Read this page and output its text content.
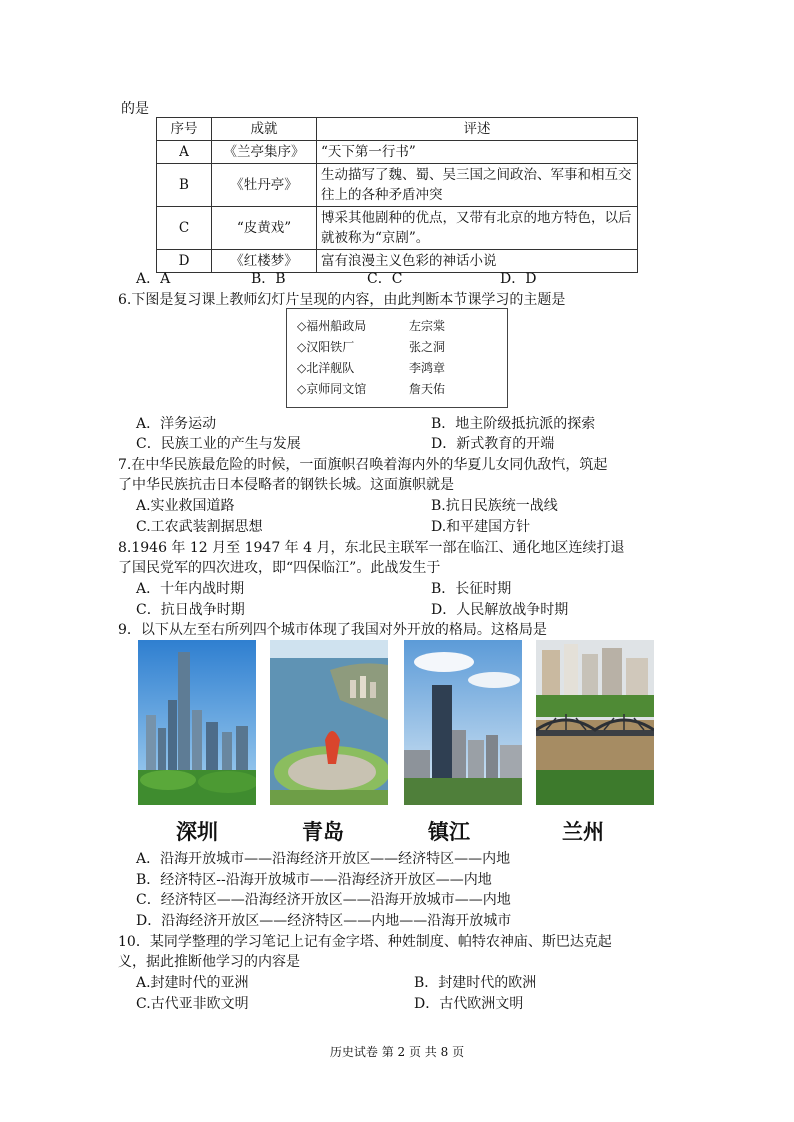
的是
序号	成就	评述
A	《兰亭集序》	“天下第一行书”
B	《牡丹亭》	生动描写了魏、蜀、吴三国之间政治、军事和相互交往上的各种矛盾冲突
C	“皮黄戏”	博采其他剧种的优点，又带有北京的地方特色，以后就被称为“京剧”。
D	《红楼梦》	富有浪漫主义色彩的神话小说
A．A	B．B	C．C	D．D
6.下图是复习课上教师幻灯片呈现的内容，由此判断本节课学习的主题是
◇福州船政局	左宗棠
◇汉阳铁厂	张之洞
◇北洋舰队	李鸿章
◇京师同文馆	詹天佑
A．洋务运动	B．地主阶级抵抗派的探索
C．民族工业的产生与发展	D．新式教育的开端
7.在中华民族最危险的时候，一面旗帜召唤着海内外的华夏儿女同仇敌忾，筑起
了中华民族抗击日本侵略者的钢铁长城。这面旗帜就是
A.实业救国道路	B.抗日民族统一战线
C.工农武装割据思想	D.和平建国方针
8.1946 年 12 月至 1947 年 4 月，东北民主联军一部在临江、通化地区连续打退
了国民党军的四次进攻，即“四保临江”。此战发生于
A．十年内战时期	B．长征时期
C．抗日战争时期	D．人民解放战争时期
9．以下从左至右所列四个城市体现了我国对外开放的格局。这格局是
深圳	青岛	镇江	兰州
A．沿海开放城市——沿海经济开放区——经济特区——内地
B．经济特区--沿海开放城市——沿海经济开放区——内地
C．经济特区——沿海经济开放区——沿海开放城市——内地
D．沿海经济开放区——经济特区——内地——沿海开放城市
10．某同学整理的学习笔记上记有金字塔、种姓制度、帕特农神庙、斯巴达克起
义，据此推断他学习的内容是
A.封建时代的亚洲	B．封建时代的欧洲
C.古代亚非欧文明	D．古代欧洲文明
历史试卷 第 2 页 共 8 页
